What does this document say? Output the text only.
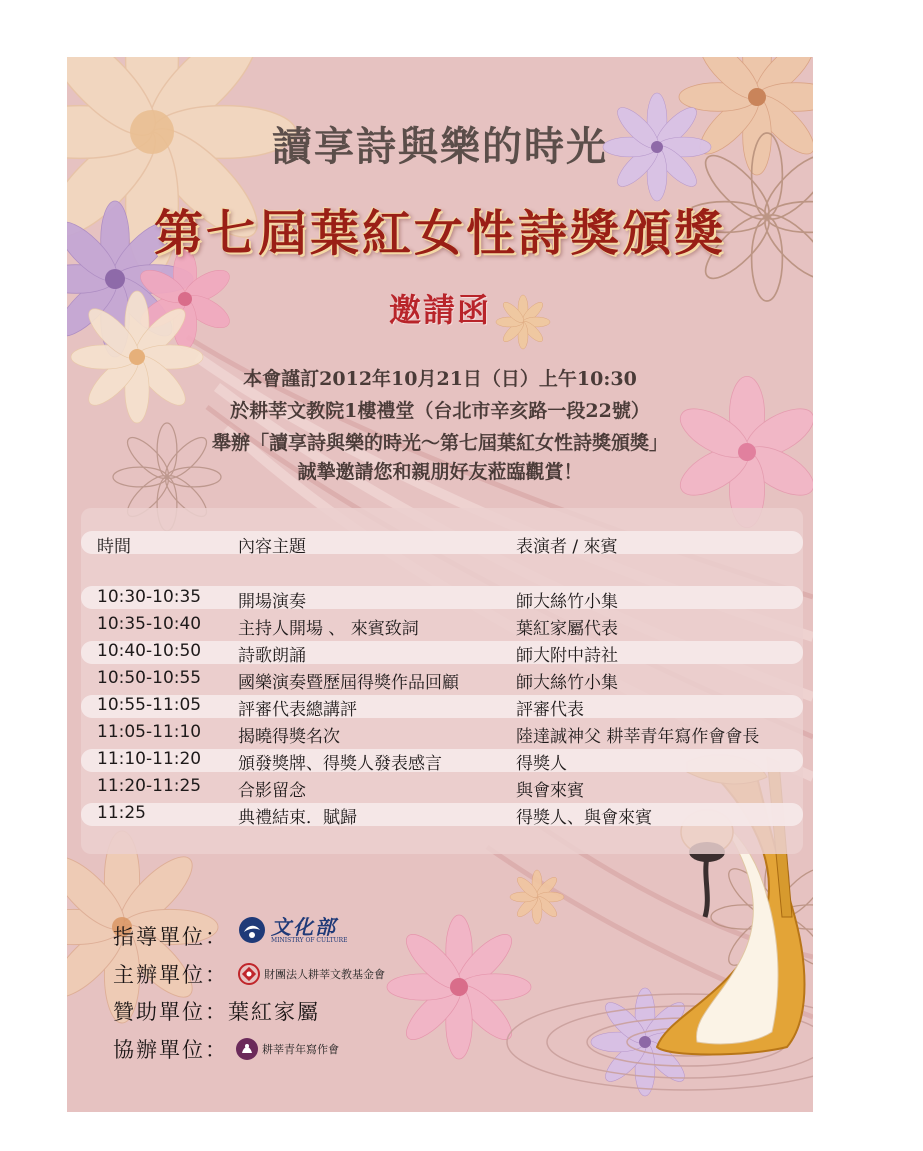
讀享詩與樂的時光
第七屆葉紅女性詩獎頒獎
邀請函

本會謹訂2012年10月21日（日）上午10:30

於耕莘文教院1樓禮堂（台北市辛亥路一段22號）

舉辦「讀享詩與樂的時光～第七屆葉紅女性詩獎頒獎」

誠摯邀請您和親朋好友蒞臨觀賞！

時間	內容主題	表演者 / 來賓
10:30-10:35 開場演奏	師大絲竹小集
10:35-10:40 主持人開場 、 來賓致詞	葉紅家屬代表
10:40-10:50 詩歌朗誦	師大附中詩社
10:50-10:55 國樂演奏暨歷屆得獎作品回顧	師大絲竹小集
10:55-11:05 評審代表總講評	評審代表
11:05-11:10 揭曉得獎名次	陸達誠神父 耕莘青年寫作會會長
11:10-11:20 頒發獎牌、得獎人發表感言	得獎人
11:20-11:25 合影留念	與會來賓
11:25	典禮結束．賦歸	得獎人、與會來賓
指導單位： 文化部
MINISTRY OF CULTURE
主辦單位：	財團法人耕莘文教基金會
贊助單位：葉紅家屬
協辦單位：	耕莘青年寫作會
